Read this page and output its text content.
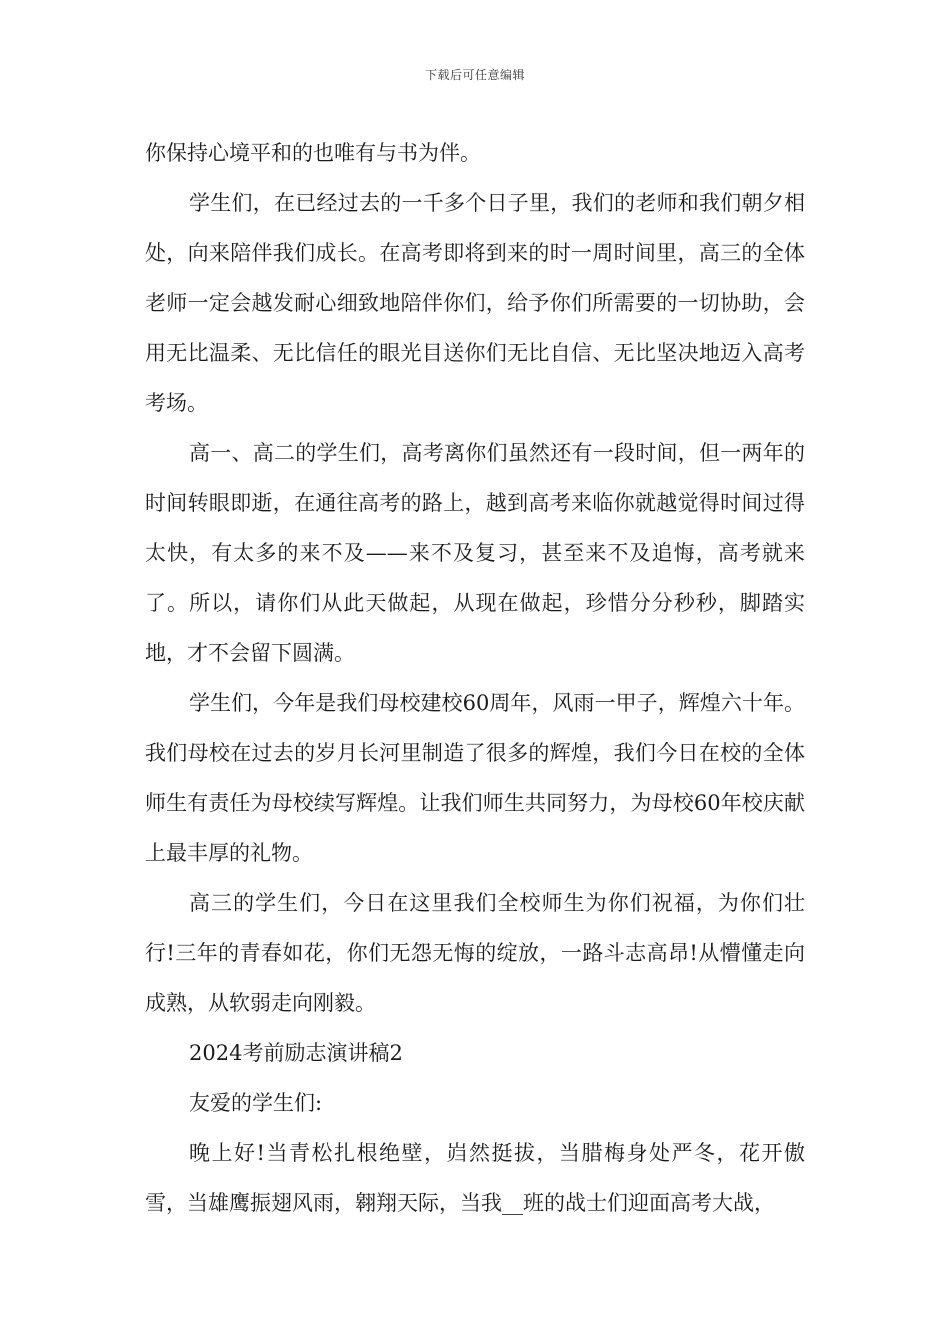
下载后可任意编辑

你保持心境平和的也唯有与书为伴。

学生们，在已经过去的一千多个日子里，我们的老师和我们朝夕相处，向来陪伴我们成长。在高考即将到来的时一周时间里，高三的全体老师一定会越发耐心细致地陪伴你们，给予你们所需要的一切协助，会用无比温柔、无比信任的眼光目送你们无比自信、无比坚决地迈入高考考场。

高一、高二的学生们，高考离你们虽然还有一段时间，但一两年的时间转眼即逝，在通往高考的路上，越到高考来临你就越觉得时间过得太快，有太多的来不及——来不及复习，甚至来不及追悔，高考就来了。所以，请你们从此天做起，从现在做起，珍惜分分秒秒，脚踏实地，才不会留下圆满。

学生们，今年是我们母校建校60周年，风雨一甲子，辉煌六十年。我们母校在过去的岁月长河里制造了很多的辉煌，我们今日在校的全体师生有责任为母校续写辉煌。让我们师生共同努力，为母校60年校庆献上最丰厚的礼物。

高三的学生们，今日在这里我们全校师生为你们祝福，为你们壮行!三年的青春如花，你们无怨无悔的绽放，一路斗志高昂!从懵懂走向成熟，从软弱走向刚毅。

2024考前励志演讲稿2

友爱的学生们:

晚上好!当青松扎根绝壁，岿然挺拔，当腊梅身处严冬，花开傲雪，当雄鹰振翅风雨，翱翔天际，当我__班的战士们迎面高考大战，
